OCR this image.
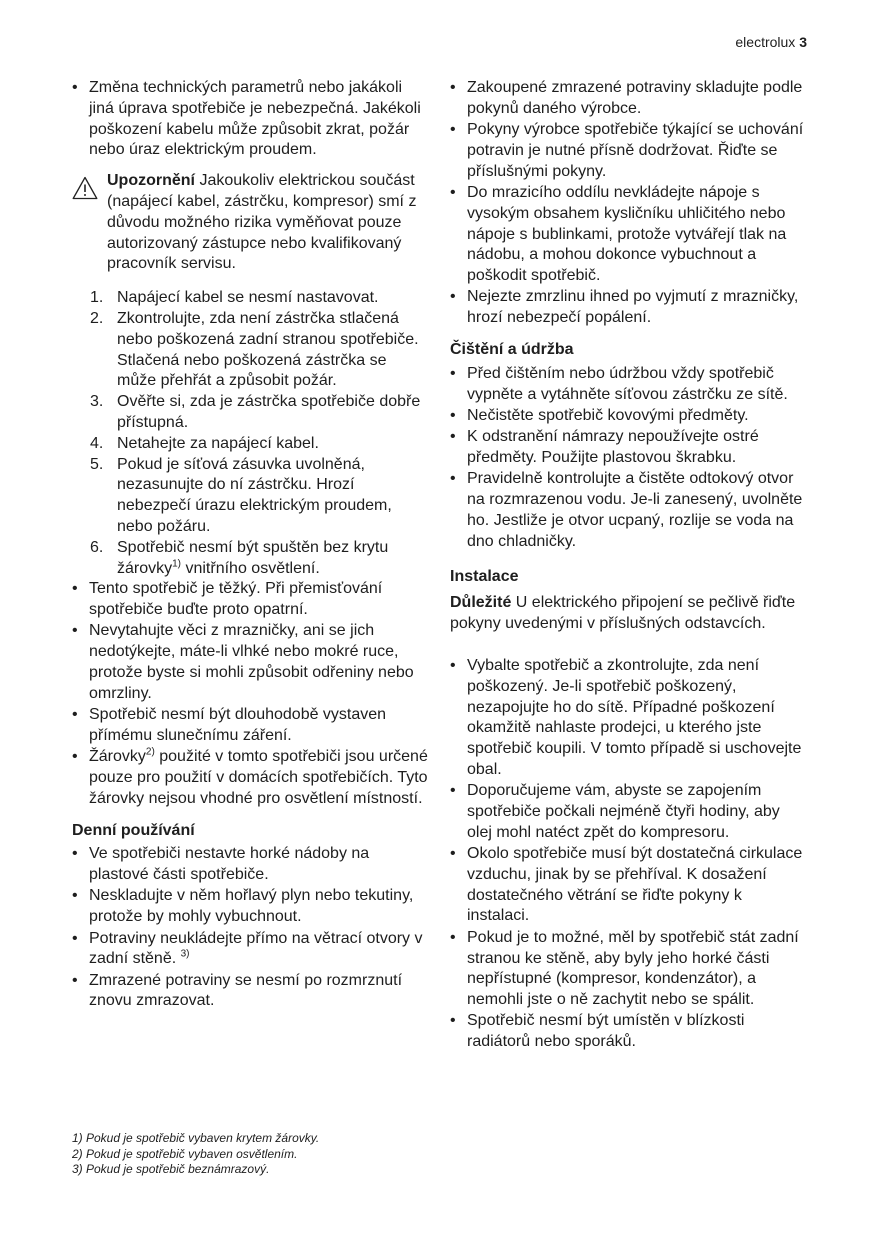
electrolux 3
• Změna technických parametrů nebo jakákoli jiná úprava spotřebiče je nebezpečná. Jakékoli poškození kabelu může způsobit zkrat, požár nebo úraz elektrickým proudem.
Upozornění Jakoukoliv elektrickou součást (napájecí kabel, zástrčku, kompresor) smí z důvodu možného rizika vyměňovat pouze autorizovaný zástupce nebo kvalifikovaný pracovník servisu.
1. Napájecí kabel se nesmí nastavovat.
2. Zkontrolujte, zda není zástrčka stlačená nebo poškozená zadní stranou spotřebiče. Stlačená nebo poškozená zástrčka se může přehřát a způsobit požár.
3. Ověřte si, zda je zástrčka spotřebiče dobře přístupná.
4. Netahejte za napájecí kabel.
5. Pokud je síťová zásuvka uvolněná, nezasunujte do ní zástrčku. Hrozí nebezpečí úrazu elektrickým proudem, nebo požáru.
6. Spotřebič nesmí být spuštěn bez krytu žárovky$^{1)}$ vnitřního osvětlení.
• Tento spotřebič je těžký. Při přemisťování spotřebiče buďte proto opatrní.
• Nevytahujte věci z mrazničky, ani se jich nedotýkejte, máte-li vlhké nebo mokré ruce, protože byste si mohli způsobit odřeniny nebo omrzliny.
• Spotřebič nesmí být dlouhodobě vystaven přímému slunečnímu záření.
• Žárovky$^{2)}$ použité v tomto spotřebiči jsou určené pouze pro použití v domácích spotřebičích. Tyto žárovky nejsou vhodné pro osvětlení místností.
Denní používání
• Ve spotřebiči nestavte horké nádoby na plastové části spotřebiče.
• Neskladujte v něm hořlavý plyn nebo tekutiny, protože by mohly vybuchnout.
• Potraviny neukládejte přímo na větrací otvory v zadní stěně. $^{3)}$
• Zmrazené potraviny se nesmí po rozmrznutí znovu zmrazovat.
• Zakoupené zmrazené potraviny skladujte podle pokynů daného výrobce.
• Pokyny výrobce spotřebiče týkající se uchování potravin je nutné přísně dodržovat. Řiďte se příslušnými pokyny.
• Do mrazicího oddílu nevkládejte nápoje s vysokým obsahem kysličníku uhličitého nebo nápoje s bublinkami, protože vytvářejí tlak na nádobu, a mohou dokonce vybuchnout a poškodit spotřebič.
• Nejezte zmrzlinu ihned po vyjmutí z mrazničky, hrozí nebezpečí popálení.
Čištění a údržba
• Před čištěním nebo údržbou vždy spotřebič vypněte a vytáhněte síťovou zástrčku ze sítě.
• Nečistěte spotřebič kovovými předměty.
• K odstranění námrazy nepoužívejte ostré předměty. Použijte plastovou škrabku.
• Pravidelně kontrolujte a čistěte odtokový otvor na rozmrazenou vodu. Je-li zanesený, uvolněte ho. Jestliže je otvor ucpaný, rozlije se voda na dno chladničky.
Instalace
Důležité U elektrického připojení se pečlivě řiďte pokyny uvedenými v příslušných odstavcích.
• Vybalte spotřebič a zkontrolujte, zda není poškozený. Je-li spotřebič poškozený, nezapojujte ho do sítě. Případné poškození okamžitě nahlaste prodejci, u kterého jste spotřebič koupili. V tomto případě si uschovejte obal.
• Doporučujeme vám, abyste se zapojením spotřebiče počkali nejméně čtyři hodiny, aby olej mohl natéct zpět do kompresoru.
• Okolo spotřebiče musí být dostatečná cirkulace vzduchu, jinak by se přehříval. K dosažení dostatečného větrání se řiďte pokyny k instalaci.
• Pokud je to možné, měl by spotřebič stát zadní stranou ke stěně, aby byly jeho horké části nepřístupné (kompresor, kondenzátor), a nemohli jste o ně zachytit nebo se spálit.
• Spotřebič nesmí být umístěn v blízkosti radiátorů nebo sporáků.
1) Pokud je spotřebič vybaven krytem žárovky.
2) Pokud je spotřebič vybaven osvětlením.
3) Pokud je spotřebič beznámrazový.
